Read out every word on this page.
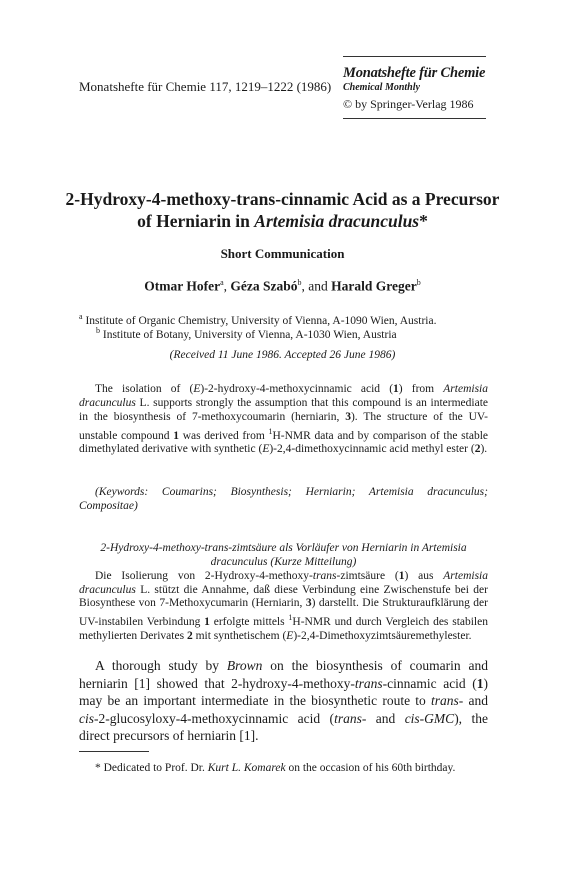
Monatshefte für Chemie 117, 1219–1222 (1986)
Monatshefte für Chemie
Chemical Monthly
© by Springer-Verlag 1986
2-Hydroxy-4-methoxy-trans-cinnamic Acid as a Precursor of Herniarin in Artemisia dracunculus*
Short Communication
Otmar Hofer$^a$, Géza Szabó$^b$, and Harald Greger$^b$
$^a$ Institute of Organic Chemistry, University of Vienna, A-1090 Wien, Austria.
$^b$ Institute of Botany, University of Vienna, A-1030 Wien, Austria
(Received 11 June 1986. Accepted 26 June 1986)

The isolation of (E)-2-hydroxy-4-methoxycinnamic acid (1) from Artemisia dracunculus L. supports strongly the assumption that this compound is an intermediate in the biosynthesis of 7-methoxycoumarin (herniarin, 3). The structure of the UV-unstable compound 1 was derived from $^1$H-NMR data and by comparison of the stable dimethylated derivative with synthetic (E)-2,4-dimethoxycinnamic acid methyl ester (2).

(Keywords: Coumarins; Biosynthesis; Herniarin; Artemisia dracunculus; Compositae)
2-Hydroxy-4-methoxy-trans-zimtsäure als Vorläufer von Herniarin in Artemisia
dracunculus (Kurze Mitteilung)
Die Isolierung von 2-Hydroxy-4-methoxy-trans-zimtsäure (1) aus Artemisia dracunculus L. stützt die Annahme, daß diese Verbindung eine Zwischenstufe bei der Biosynthese von 7-Methoxycumarin (Herniarin, 3) darstellt. Die Strukturaufklärung der UV-instabilen Verbindung 1 erfolgte mittels $^1$H-NMR und durch Vergleich des stabilen methylierten Derivates 2 mit synthetischem (E)-2,4-Dimethoxyzimtsäuremethylester.
A thorough study by Brown on the biosynthesis of coumarin and herniarin [1] showed that 2-hydroxy-4-methoxy-trans-cinnamic acid (1) may be an important intermediate in the biosynthetic route to trans- and cis-2-glucosyloxy-4-methoxycinnamic acid (trans- and cis-GMC), the direct precursors of herniarin [1].
* Dedicated to Prof. Dr. Kurt L. Komarek on the occasion of his 60th birthday.
